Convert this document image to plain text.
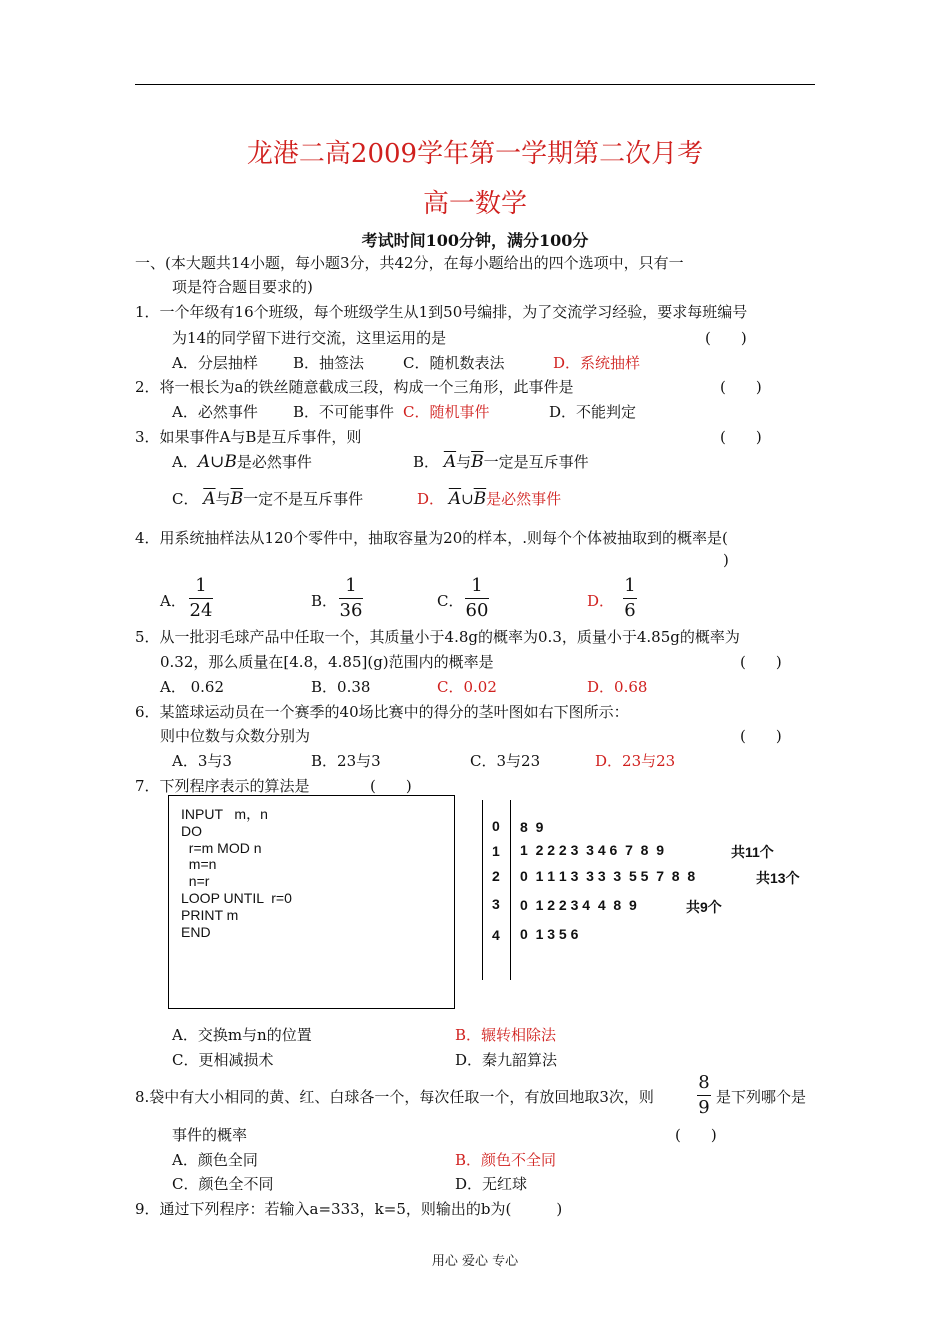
龙港二高2009学年第一学期第二次月考
高一数学
考试时间100分钟，满分100分
一、(本大题共14小题，每小题3分，共42分，在每小题给出的四个选项中，只有一
项是符合题目要求的)
1．一个年级有16个班级，每个班级学生从1到50号编排，为了交流学习经验，要求每班编号
为14的同学留下进行交流，这里运用的是	(　　)
A．分层抽样 B．抽签法	C．随机数表法	D．系统抽样
2．将一根长为a的铁丝随意截成三段，构成一个三角形，此事件是	(　　)
A．必然事件 B．不可能事件 C．随机事件	D．不能判定
3．如果事件A与B是互斥事件，则	(　　)
A．A∪B是必然事件	B． $\overline{A}$与$\overline{B}$一定是互斥事件
C． $\overline{A}$与$\overline{B}$一定不是互斥事件	D． $\overline{A}\cup\overline{B}$是必然事件
4．用系统抽样法从120个零件中，抽取容量为20的样本，.则每个个体被抽取到的概率是(
)
A．
1
24	B．
1
36	C．
1
60	D．
1
6
5．从一批羽毛球产品中任取一个，其质量小于4.8g的概率为0.3，质量小于4.85g的概率为
0.32，那么质量在[4.8，4.85](g)范围内的概率是	(　　)
A． 0.62	B．0.38	C．0.02	D．0.68
6．某篮球运动员在一个赛季的40场比赛中的得分的茎叶图如右下图所示：
则中位数与众数分别为	(　　)
A．3与3	B．23与3	C．3与23	D．23与23
7．下列程序表示的算法是	(　　)
INPUT   m，n
DO
r=m MOD n
m=n
n=r
LOOP UNTIL  r=0
PRINT m
END
0 8  9
1 1  2 2 2 3  3 4 6  7  8  9	共11个
2 0  1 1 1 3  3 3  3  5 5  7  8  8	共13个
3 0  1 2 2 3 4  4  8  9	共9个
4 0  1 3 5 6
A．交换m与n的位置	B．辗转相除法
C．更相减损术	D．秦九韶算法
8.袋中有大小相同的黄、红、白球各一个，每次任取一个，有放回地取3次，则
8
9 是下列哪个是
事件的概率	(　　)
A．颜色全同	B．颜色不全同
C．颜色全不同	D．无红球
9．通过下列程序：若输入a=333，k=5，则输出的b为(　　　)
用心 爱心 专心
